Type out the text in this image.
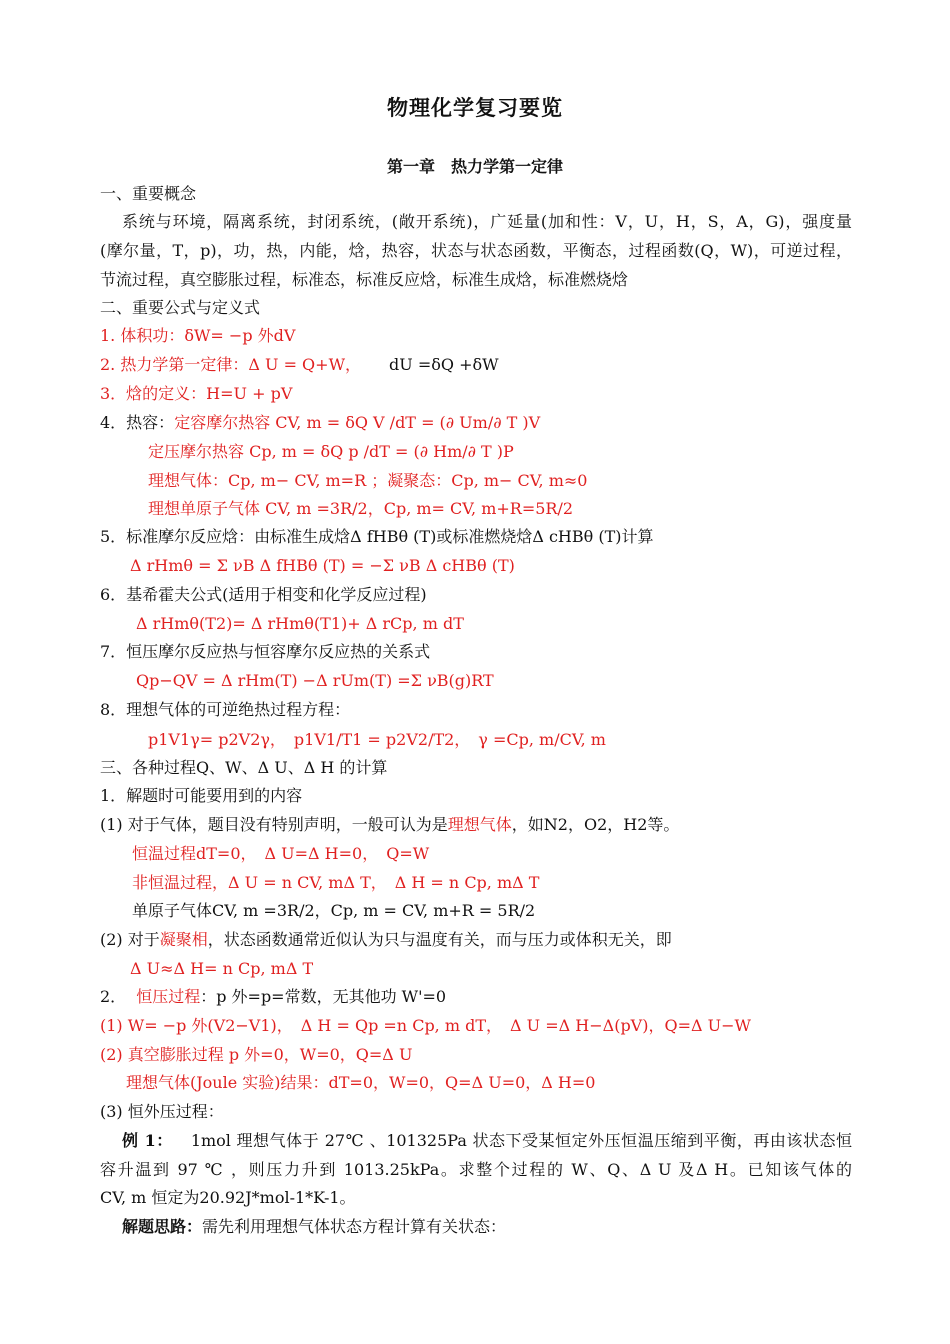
物理化学复习要览
第一章　热力学第一定律
一、重要概念
系统与环境，隔离系统，封闭系统，(敞开系统)，广延量(加和性：V，U，H，S，A，G)，强度量
(摩尔量，T，p)，功，热，内能，焓，热容，状态与状态函数，平衡态，过程函数(Q，W)，可逆过程，
节流过程，真空膨胀过程，标准态，标准反应焓，标准生成焓，标准燃烧焓
二、重要公式与定义式
1. 体积功：δW= −p 外dV
2. 热力学第一定律：Δ U = Q+W， dU =δQ +δW
3．焓的定义：H=U + pV
4．热容：定容摩尔热容 CV, m = δQ V /dT = (∂ Um/∂ T )V
定压摩尔热容 Cp, m = δQ p /dT = (∂ Hm/∂ T )P
理想气体：Cp, m− CV, m=R ；凝聚态：Cp, m− CV, m≈0
理想单原子气体 CV, m =3R/2，Cp, m= CV, m+R=5R/2
5．标准摩尔反应焓：由标准生成焓Δ fHBθ (T)或标准燃烧焓Δ cHBθ (T)计算
Δ rHmθ = Σ νB Δ fHBθ (T) = −Σ νB Δ cHBθ (T)
6．基希霍夫公式(适用于相变和化学反应过程)
Δ rHmθ(T2)= Δ rHmθ(T1)+ Δ rCp, m dT
7．恒压摩尔反应热与恒容摩尔反应热的关系式
Qp−QV = Δ rHm(T) −Δ rUm(T) =Σ νB(g)RT
8．理想气体的可逆绝热过程方程：
p1V1γ= p2V2γ，　p1V1/T1 = p2V2/T2，　γ =Cp, m/CV, m
三、各种过程Q、W、Δ U、Δ H 的计算
1．解题时可能要用到的内容
(1) 对于气体，题目没有特别声明，一般可认为是理想气体，如N2，O2，H2等。
恒温过程dT=0，　Δ U=Δ H=0，　Q=W
非恒温过程，Δ U = n CV, mΔ T，　Δ H = n Cp, mΔ T
单原子气体CV, m =3R/2，Cp, m = CV, m+R = 5R/2
(2) 对于凝聚相，状态函数通常近似认为只与温度有关，而与压力或体积无关，即
Δ U≈Δ H= n Cp, mΔ T
2． 恒压过程：p 外=p=常数，无其他功 W'=0
(1) W= −p 外(V2−V1)，　Δ H = Qp =n Cp, m dT，　Δ U =Δ H−Δ(pV)，Q=Δ U−W
(2) 真空膨胀过程 p 外=0，W=0，Q=Δ U
理想气体(Joule 实验)结果：dT=0，W=0，Q=Δ U=0，Δ H=0
(3) 恒外压过程：
例 1： 1mol 理想气体于 27℃ 、101325Pa 状态下受某恒定外压恒温压缩到平衡，再由该状态恒
容升温到 97 ℃ ，则压力升到 1013.25kPa。求整个过程的 W、Q、Δ U 及Δ H。已知该气体的
CV, m 恒定为20.92J*mol-1*K-1。
解题思路：需先利用理想气体状态方程计算有关状态：
